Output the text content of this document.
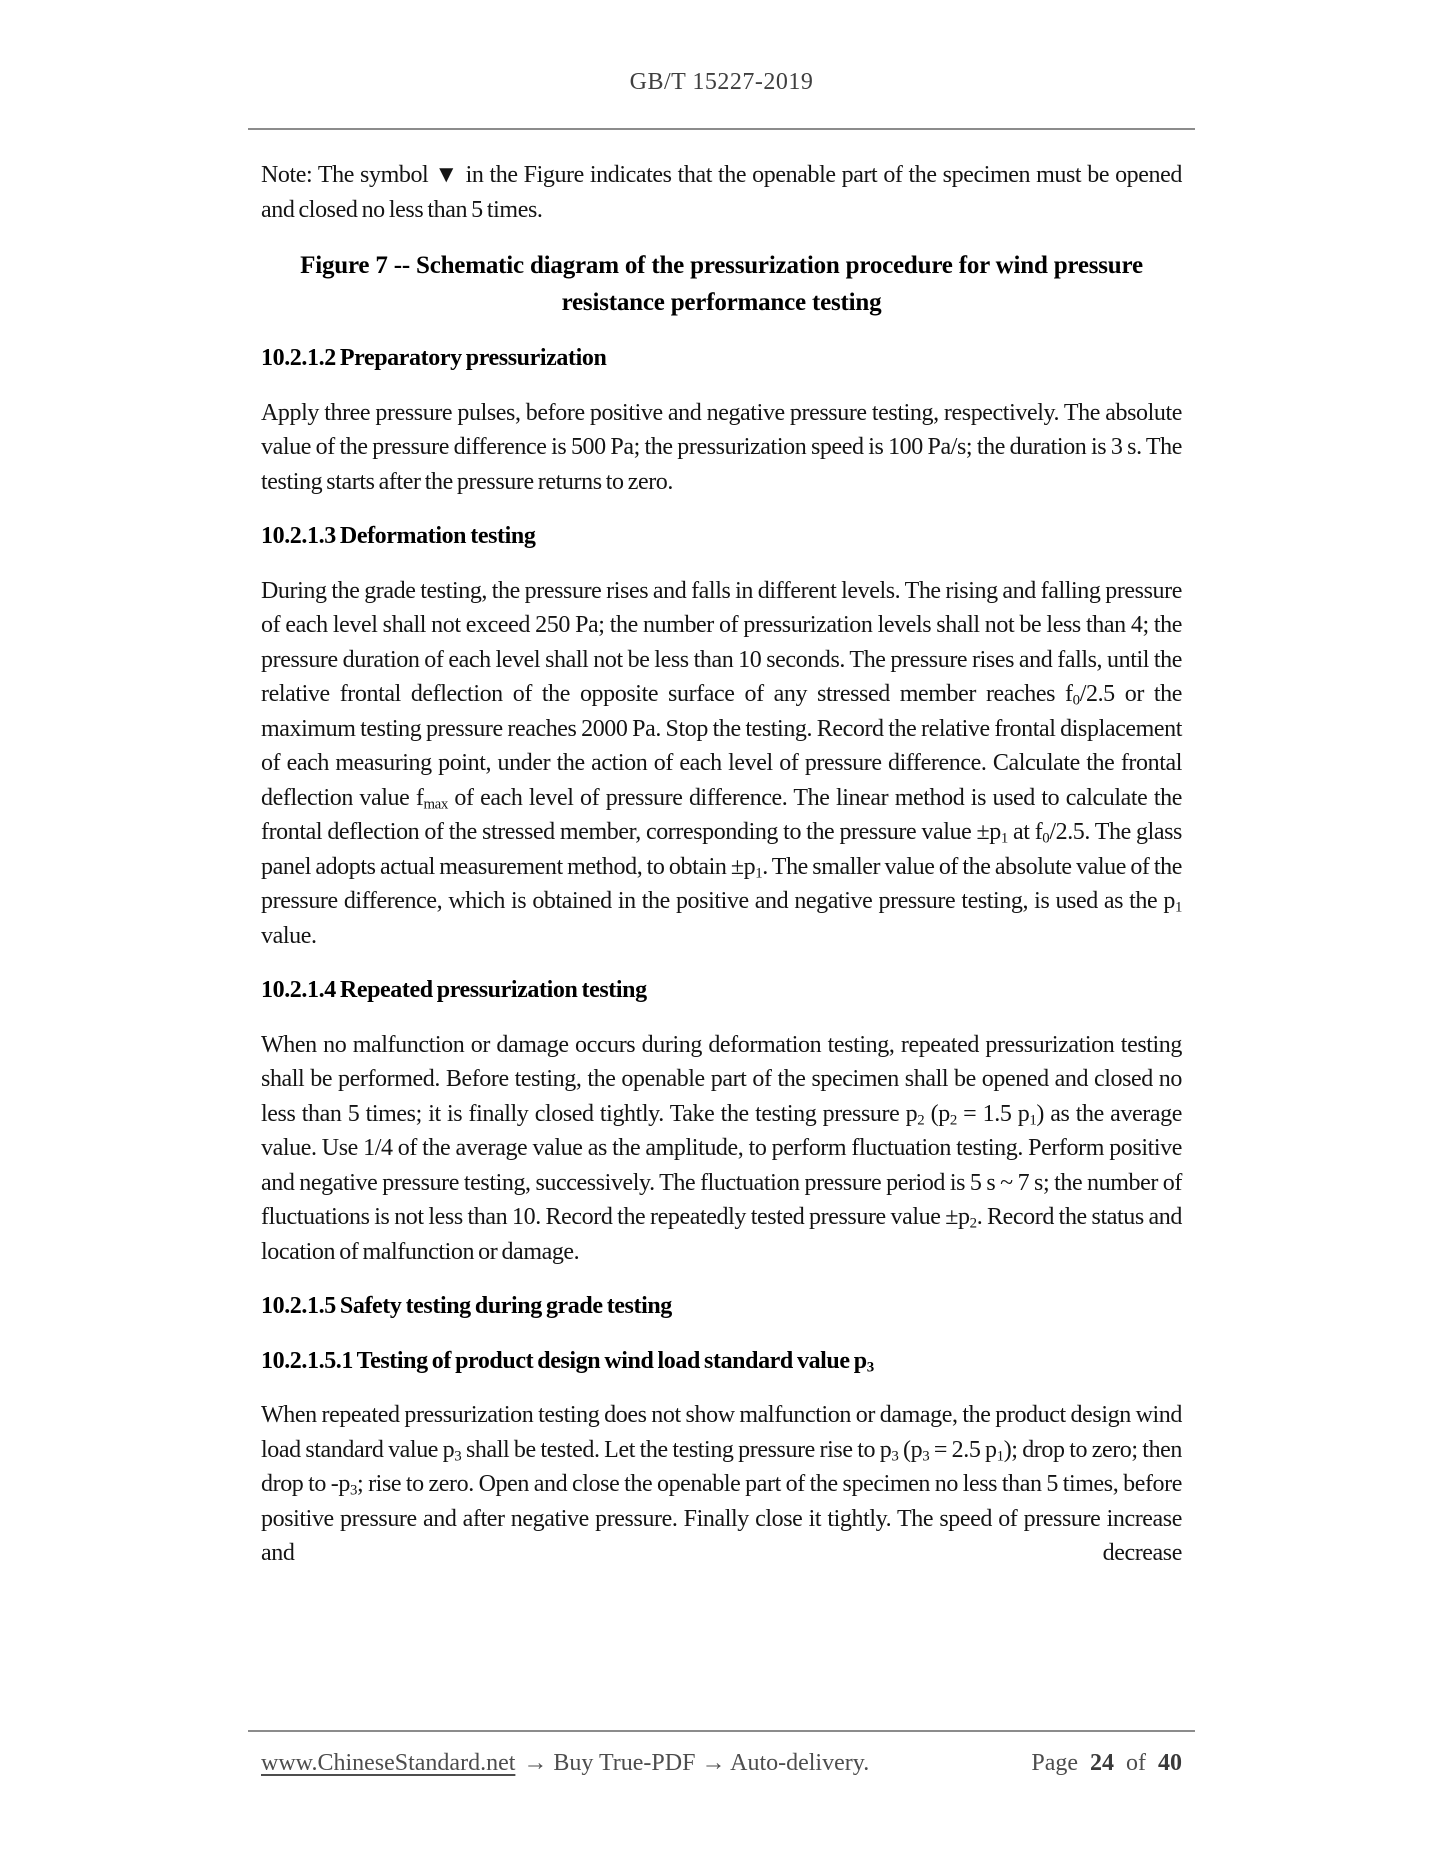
GB/T 15227-2019

Note: The symbol ▼ in the Figure indicates that the openable part of the specimen must be opened and closed no less than 5 times.

Figure 7 -- Schematic diagram of the pressurization procedure for wind pressure resistance performance testing

10.2.1.2 Preparatory pressurization

Apply three pressure pulses, before positive and negative pressure testing, respectively. The absolute value of the pressure difference is 500 Pa; the pressurization speed is 100 Pa/s; the duration is 3 s. The testing starts after the pressure returns to zero.

10.2.1.3 Deformation testing

During the grade testing, the pressure rises and falls in different levels. The rising and falling pressure of each level shall not exceed 250 Pa; the number of pressurization levels shall not be less than 4; the pressure duration of each level shall not be less than 10 seconds. The pressure rises and falls, until the relative frontal deflection of the opposite surface of any stressed member reaches $f_0/2.5$ or the maximum testing pressure reaches 2000 Pa. Stop the testing. Record the relative frontal displacement of each measuring point, under the action of each level of pressure difference. Calculate the frontal deflection value $f_{max}$ of each level of pressure difference. The linear method is used to calculate the frontal deflection of the stressed member, corresponding to the pressure value $\pm p_1$ at $f_0/2.5$. The glass panel adopts actual measurement method, to obtain $\pm p_1$. The smaller value of the absolute value of the pressure difference, which is obtained in the positive and negative pressure testing, is used as the $p_1$ value.

10.2.1.4 Repeated pressurization testing

When no malfunction or damage occurs during deformation testing, repeated pressurization testing shall be performed. Before testing, the openable part of the specimen shall be opened and closed no less than 5 times; it is finally closed tightly. Take the testing pressure $p_2$ ($p_2 = 1.5$ $p_1$) as the average value. Use 1/4 of the average value as the amplitude, to perform fluctuation testing. Perform positive and negative pressure testing, successively. The fluctuation pressure period is 5 s ~ 7 s; the number of fluctuations is not less than 10. Record the repeatedly tested pressure value $\pm p_2$. Record the status and location of malfunction or damage.

10.2.1.5 Safety testing during grade testing
10.2.1.5.1 Testing of product design wind load standard value $p_3$

When repeated pressurization testing does not show malfunction or damage, the product design wind load standard value $p_3$ shall be tested. Let the testing pressure rise to $p_3$ ($p_3 = 2.5$ $p_1$); drop to zero; then drop to $-p_3$; rise to zero. Open and close the openable part of the specimen no less than 5 times, before positive pressure and after negative pressure. Finally close it tightly. The speed of pressure increase and decrease

www.ChineseStandard.net → Buy True-PDF → Auto-delivery.	Page 24 of 40
